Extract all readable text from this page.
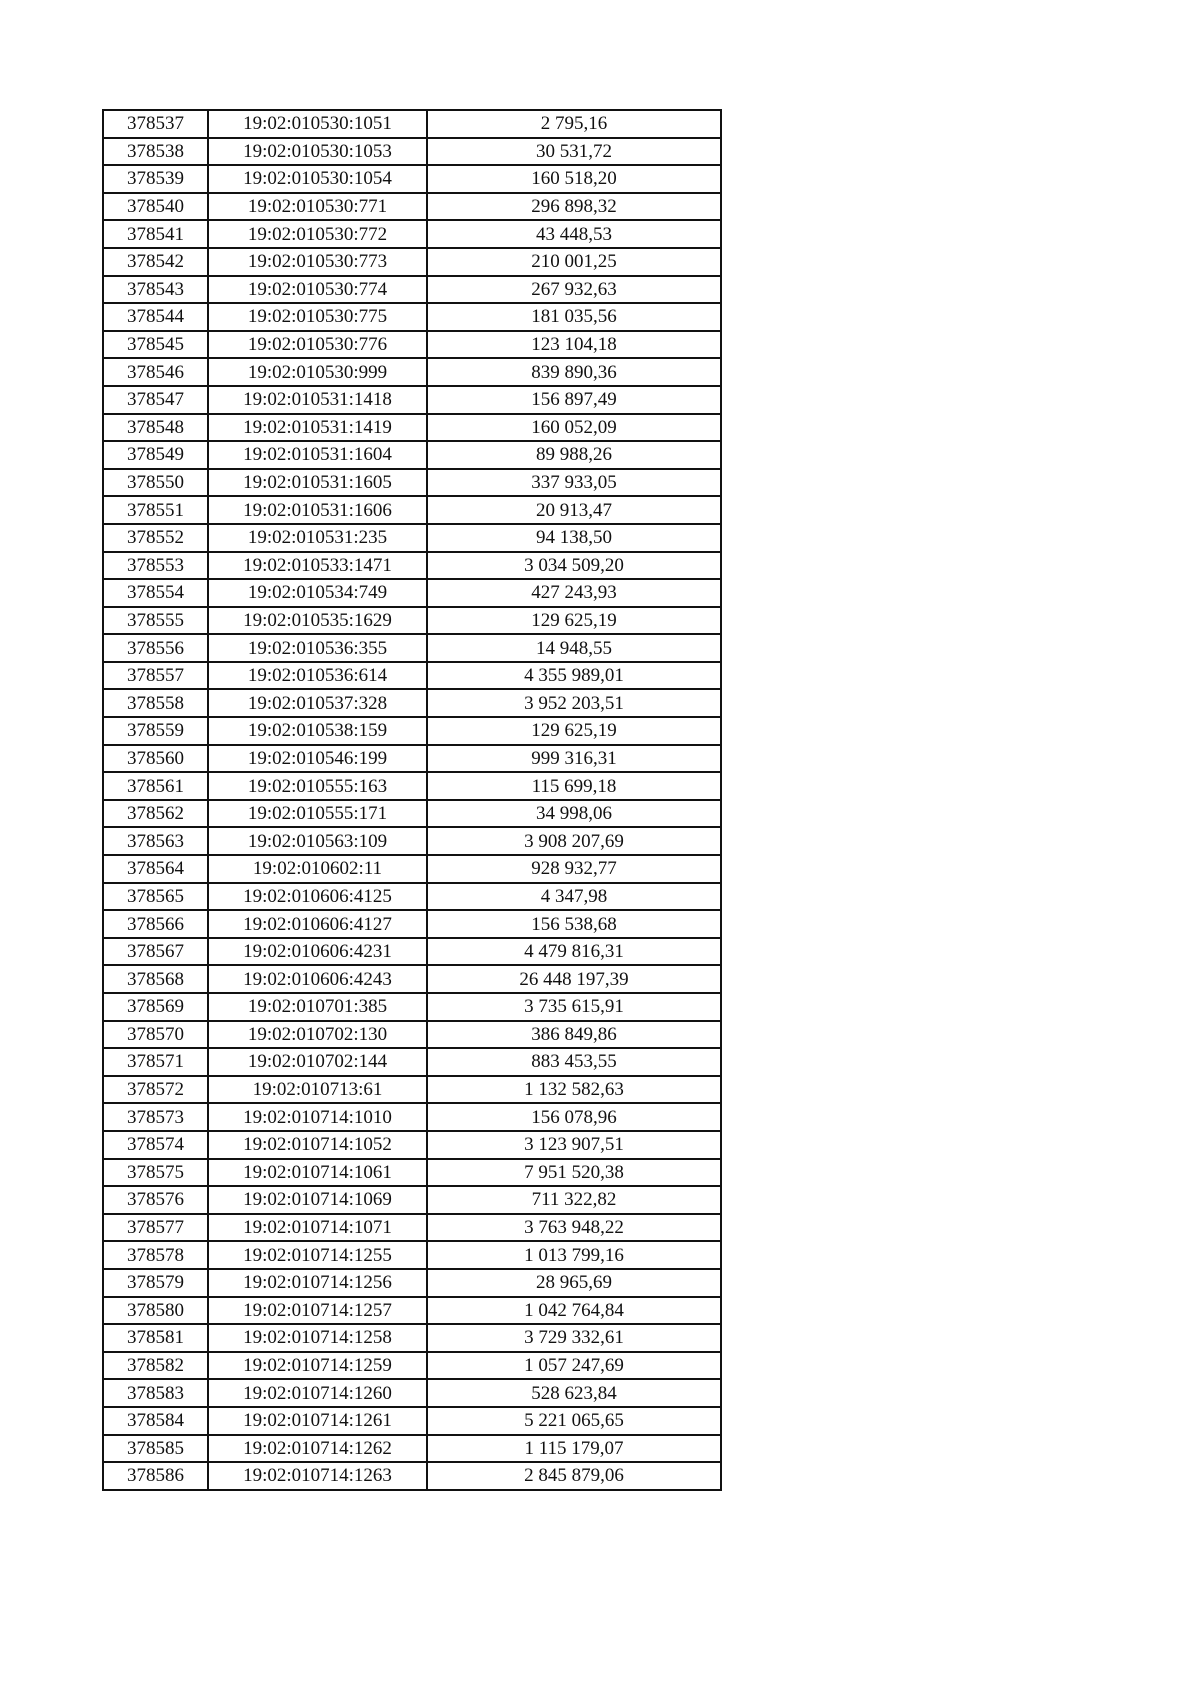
378537	19:02:010530:1051	2 795,16
378538	19:02:010530:1053	30 531,72
378539	19:02:010530:1054	160 518,20
378540	19:02:010530:771	296 898,32
378541	19:02:010530:772	43 448,53
378542	19:02:010530:773	210 001,25
378543	19:02:010530:774	267 932,63
378544	19:02:010530:775	181 035,56
378545	19:02:010530:776	123 104,18
378546	19:02:010530:999	839 890,36
378547	19:02:010531:1418	156 897,49
378548	19:02:010531:1419	160 052,09
378549	19:02:010531:1604	89 988,26
378550	19:02:010531:1605	337 933,05
378551	19:02:010531:1606	20 913,47
378552	19:02:010531:235	94 138,50
378553	19:02:010533:1471	3 034 509,20
378554	19:02:010534:749	427 243,93
378555	19:02:010535:1629	129 625,19
378556	19:02:010536:355	14 948,55
378557	19:02:010536:614	4 355 989,01
378558	19:02:010537:328	3 952 203,51
378559	19:02:010538:159	129 625,19
378560	19:02:010546:199	999 316,31
378561	19:02:010555:163	115 699,18
378562	19:02:010555:171	34 998,06
378563	19:02:010563:109	3 908 207,69
378564	19:02:010602:11	928 932,77
378565	19:02:010606:4125	4 347,98
378566	19:02:010606:4127	156 538,68
378567	19:02:010606:4231	4 479 816,31
378568	19:02:010606:4243	26 448 197,39
378569	19:02:010701:385	3 735 615,91
378570	19:02:010702:130	386 849,86
378571	19:02:010702:144	883 453,55
378572	19:02:010713:61	1 132 582,63
378573	19:02:010714:1010	156 078,96
378574	19:02:010714:1052	3 123 907,51
378575	19:02:010714:1061	7 951 520,38
378576	19:02:010714:1069	711 322,82
378577	19:02:010714:1071	3 763 948,22
378578	19:02:010714:1255	1 013 799,16
378579	19:02:010714:1256	28 965,69
378580	19:02:010714:1257	1 042 764,84
378581	19:02:010714:1258	3 729 332,61
378582	19:02:010714:1259	1 057 247,69
378583	19:02:010714:1260	528 623,84
378584	19:02:010714:1261	5 221 065,65
378585	19:02:010714:1262	1 115 179,07
378586	19:02:010714:1263	2 845 879,06
